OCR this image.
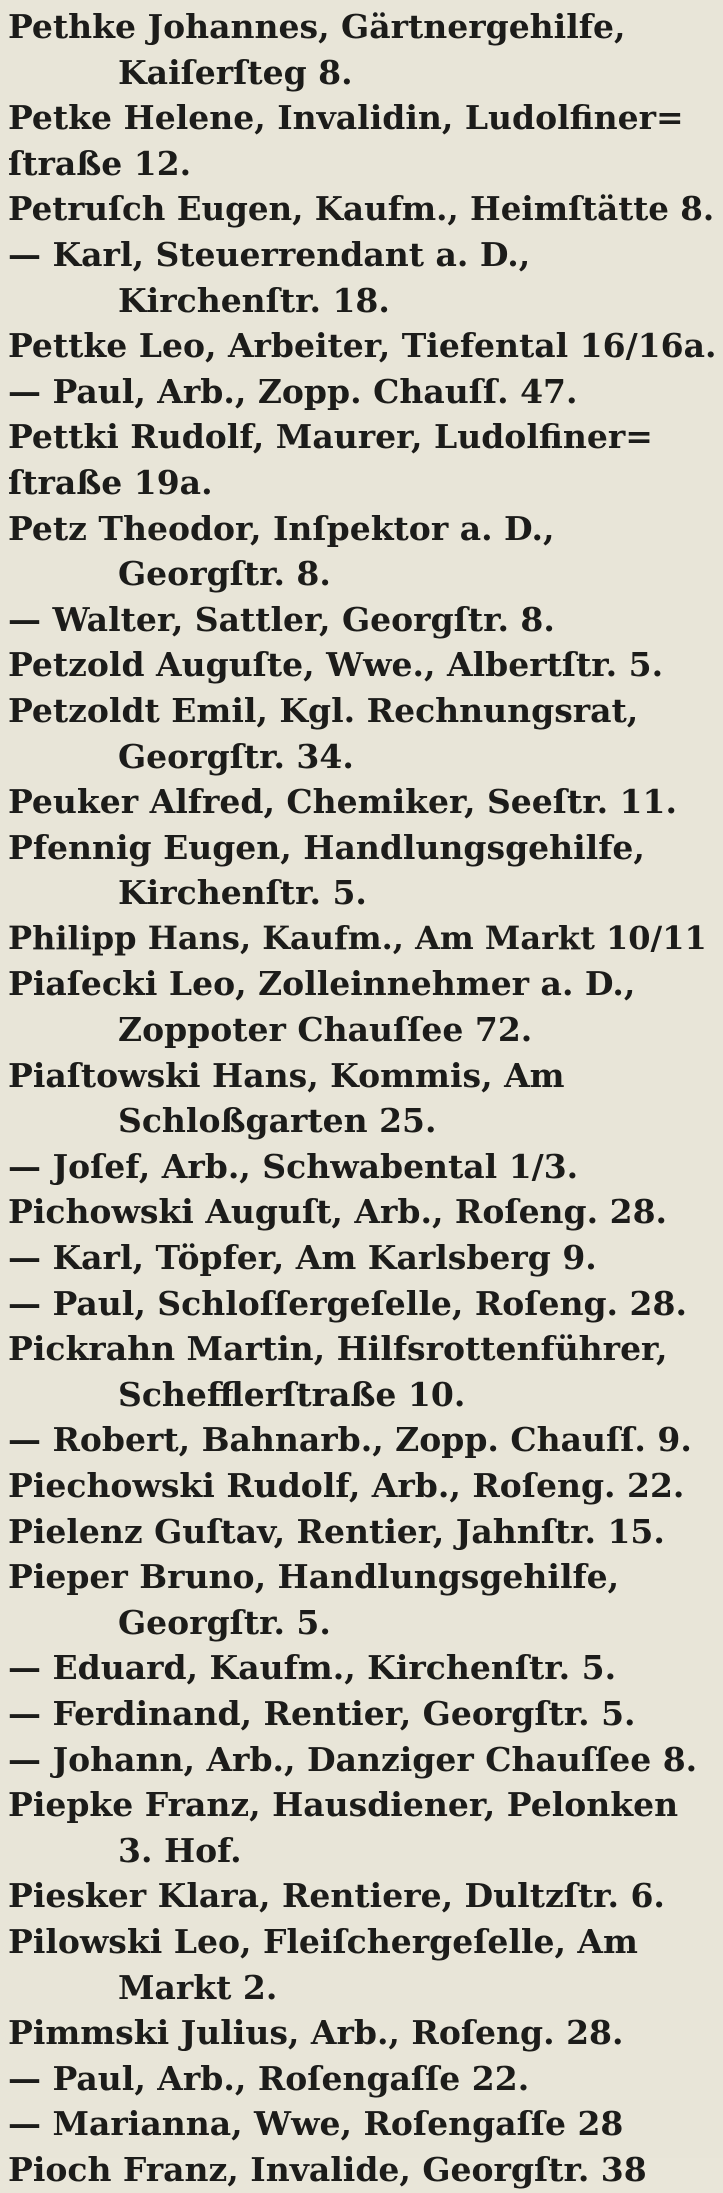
Pethke Johannes, Gärtnergehilfe,
Kaiſerſteg 8.
Petke Helene, Invalidin, Ludolfiner=
ſtraße 12.
Petruſch Eugen, Kaufm., Heimſtätte 8.
— Karl, Steuerrendant a. D.,
Kirchenſtr. 18.
Pettke Leo, Arbeiter, Tiefental 16/16a.
— Paul, Arb., Zopp. Chauſſ. 47.
Pettki Rudolf, Maurer, Ludolfiner=
ſtraße 19a.
Petz Theodor, Inſpektor a. D.,
Georgſtr. 8.
— Walter, Sattler, Georgſtr. 8.
Petzold Auguſte, Wwe., Albertſtr. 5.
Petzoldt Emil, Kgl. Rechnungsrat,
Georgſtr. 34.
Peuker Alfred, Chemiker, Seeſtr. 11.
Pfennig Eugen, Handlungsgehilfe,
Kirchenſtr. 5.
Philipp Hans, Kaufm., Am Markt 10/11
Piaſecki Leo, Zolleinnehmer a. D.,
Zoppoter Chauſſee 72.
Piaſtowski Hans, Kommis, Am
Schloßgarten 25.
— Joſef, Arb., Schwabental 1/3.
Pichowski Auguſt, Arb., Roſeng. 28.
— Karl, Töpfer, Am Karlsberg 9.
— Paul, Schloſſergeſelle, Roſeng. 28.
Pickrahn Martin, Hilfsrottenführer,
Schefflerſtraße 10.
— Robert, Bahnarb., Zopp. Chauſſ. 9.
Piechowski Rudolf, Arb., Roſeng. 22.
Pielenz Guſtav, Rentier, Jahnſtr. 15.
Pieper Bruno, Handlungsgehilfe,
Georgſtr. 5.
— Eduard, Kaufm., Kirchenſtr. 5.
— Ferdinand, Rentier, Georgſtr. 5.
— Johann, Arb., Danziger Chauſſee 8.
Piepke Franz, Hausdiener, Pelonken
3. Hof.
Piesker Klara, Rentiere, Dultzſtr. 6.
Pilowski Leo, Fleiſchergeſelle, Am
Markt 2.
Pimmski Julius, Arb., Roſeng. 28.
— Paul, Arb., Roſengaſſe 22.
— Marianna, Wwe, Roſengaſſe 28
Pioch Franz, Invalide, Georgſtr. 38
